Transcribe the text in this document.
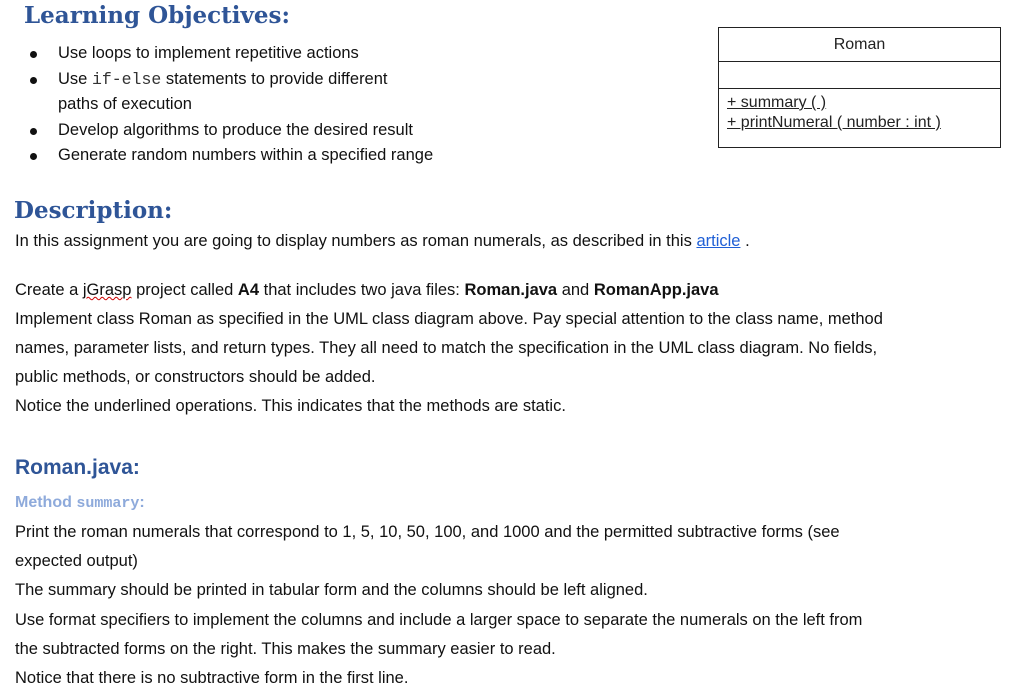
Learning Objectives:
Use loops to implement repetitive actions
Use if-else statements to provide different
paths of execution
Develop algorithms to produce the desired result
Generate random numbers within a specified range
Roman
+ summary ( )
+ printNumeral ( number : int )
Description:

In this assignment you are going to display numbers as roman numerals, as described in this article .

Create a jGrasp project called A4 that includes two java files: Roman.java and RomanApp.java

Implement class Roman as specified in the UML class diagram above. Pay special attention to the class name, method

names, parameter lists, and return types. They all need to match the specification in the UML class diagram. No fields,

public methods, or constructors should be added.

Notice the underlined operations. This indicates that the methods are static.

Roman.java:

Method summary:

Print the roman numerals that correspond to 1, 5, 10, 50, 100, and 1000 and the permitted subtractive forms (see

expected output)

The summary should be printed in tabular form and the columns should be left aligned.

Use format specifiers to implement the columns and include a larger space to separate the numerals on the left from

the subtracted forms on the right. This makes the summary easier to read.

Notice that there is no subtractive form in the first line.
